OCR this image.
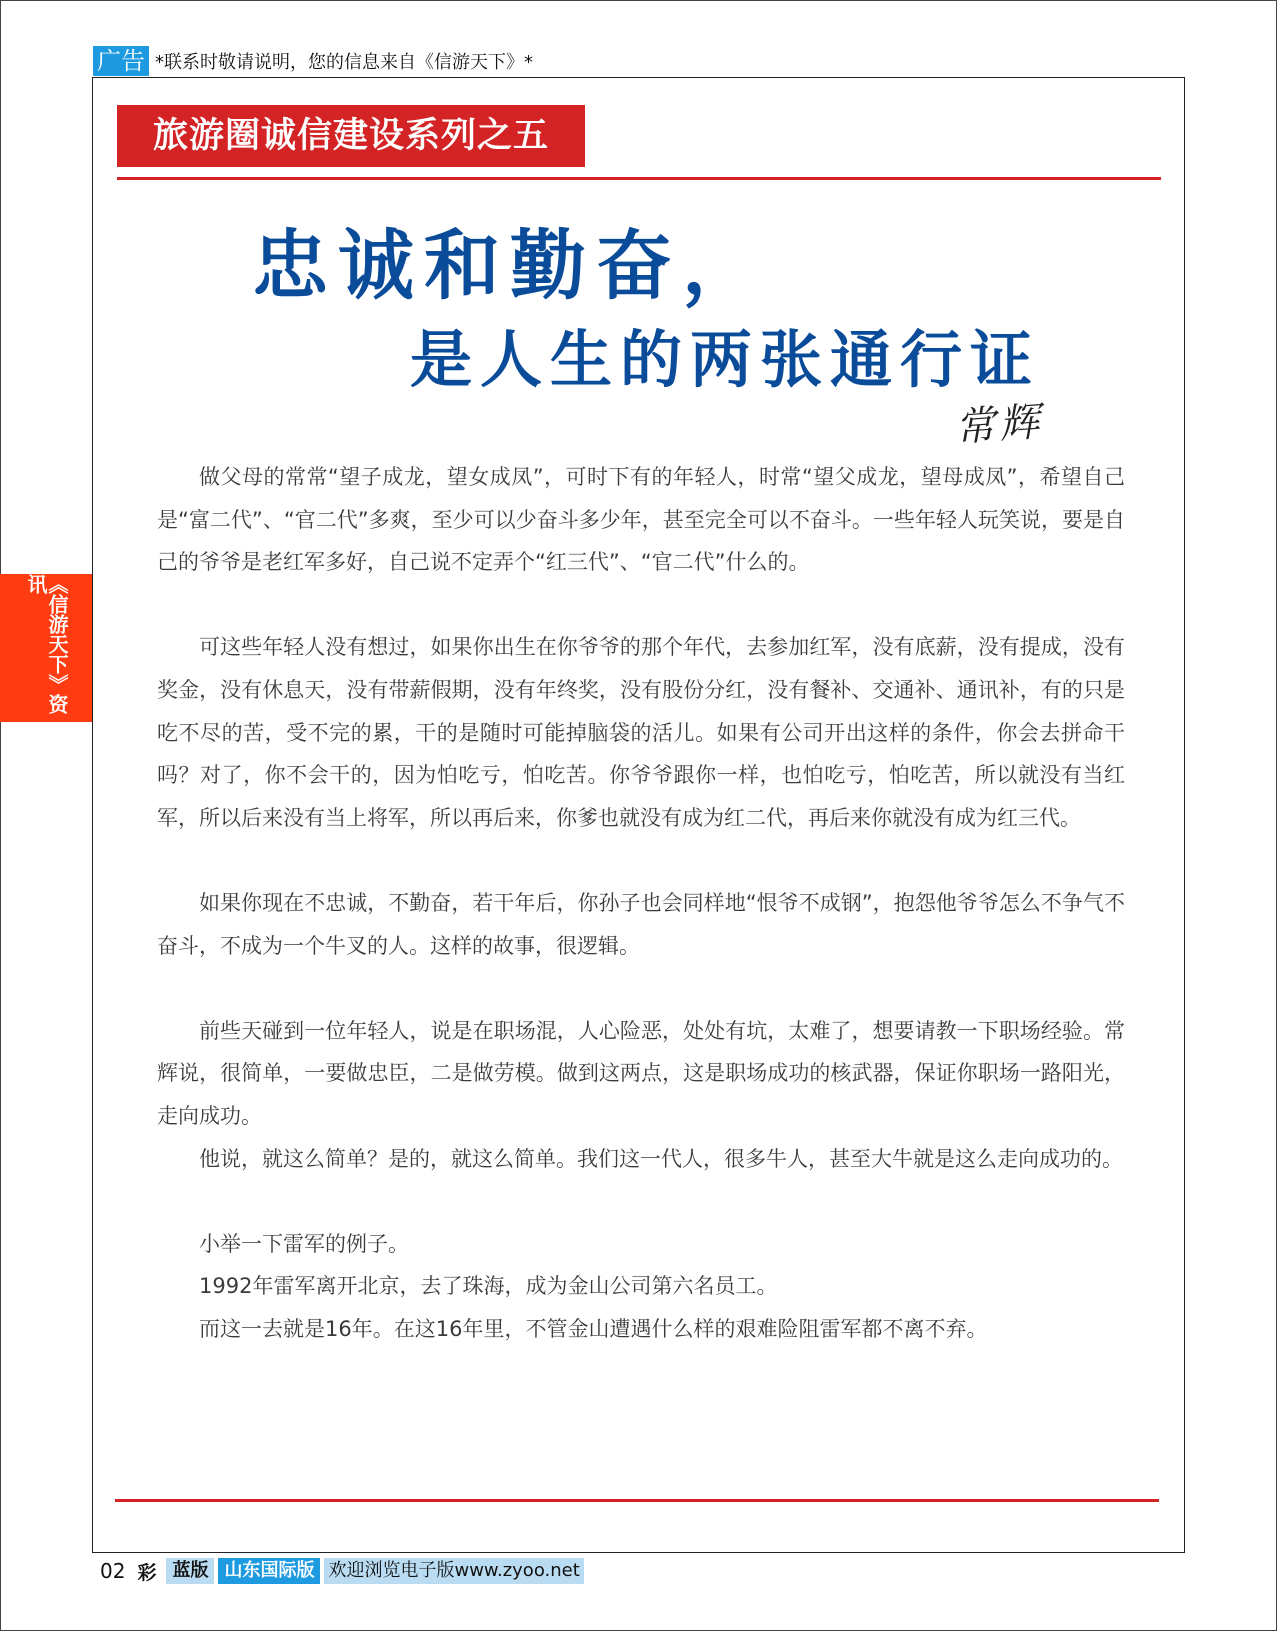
广告 *联系时敬请说明，您的信息来自《信游天下》*
旅游圈诚信建设系列之五
忠诚和勤奋，
是人生的两张通行证
常辉
《信游天下》资讯

做父母的常常“望子成龙，望女成凤”，可时下有的年轻人，时常“望父成龙，望母成凤”，希望自己是“富二代”、“官二代”多爽，至少可以少奋斗多少年，甚至完全可以不奋斗。一些年轻人玩笑说，要是自己的爷爷是老红军多好，自己说不定弄个“红三代”、“官二代”什么的。

可这些年轻人没有想过，如果你出生在你爷爷的那个年代，去参加红军，没有底薪，没有提成，没有奖金，没有休息天，没有带薪假期，没有年终奖，没有股份分红，没有餐补、交通补、通讯补，有的只是吃不尽的苦，受不完的累，干的是随时可能掉脑袋的活儿。如果有公司开出这样的条件，你会去拼命干吗？对了，你不会干的，因为怕吃亏，怕吃苦。你爷爷跟你一样，也怕吃亏，怕吃苦，所以就没有当红军，所以后来没有当上将军，所以再后来，你爹也就没有成为红二代，再后来你就没有成为红三代。

如果你现在不忠诚，不勤奋，若干年后，你孙子也会同样地“恨爷不成钢”，抱怨他爷爷怎么不争气不奋斗，不成为一个牛叉的人。这样的故事，很逻辑。

前些天碰到一位年轻人，说是在职场混，人心险恶，处处有坑，太难了，想要请教一下职场经验。常辉说，很简单，一要做忠臣，二是做劳模。做到这两点，这是职场成功的核武器，保证你职场一路阳光，走向成功。

他说，就这么简单？是的，就这么简单。我们这一代人，很多牛人，甚至大牛就是这么走向成功的。

小举一下雷军的例子。

1992年雷军离开北京，去了珠海，成为金山公司第六名员工。

而这一去就是16年。在这16年里，不管金山遭遇什么样的艰难险阻雷军都不离不弃。

02 彩 蓝版 山东国际版 欢迎浏览电子版www.zyoo.net
